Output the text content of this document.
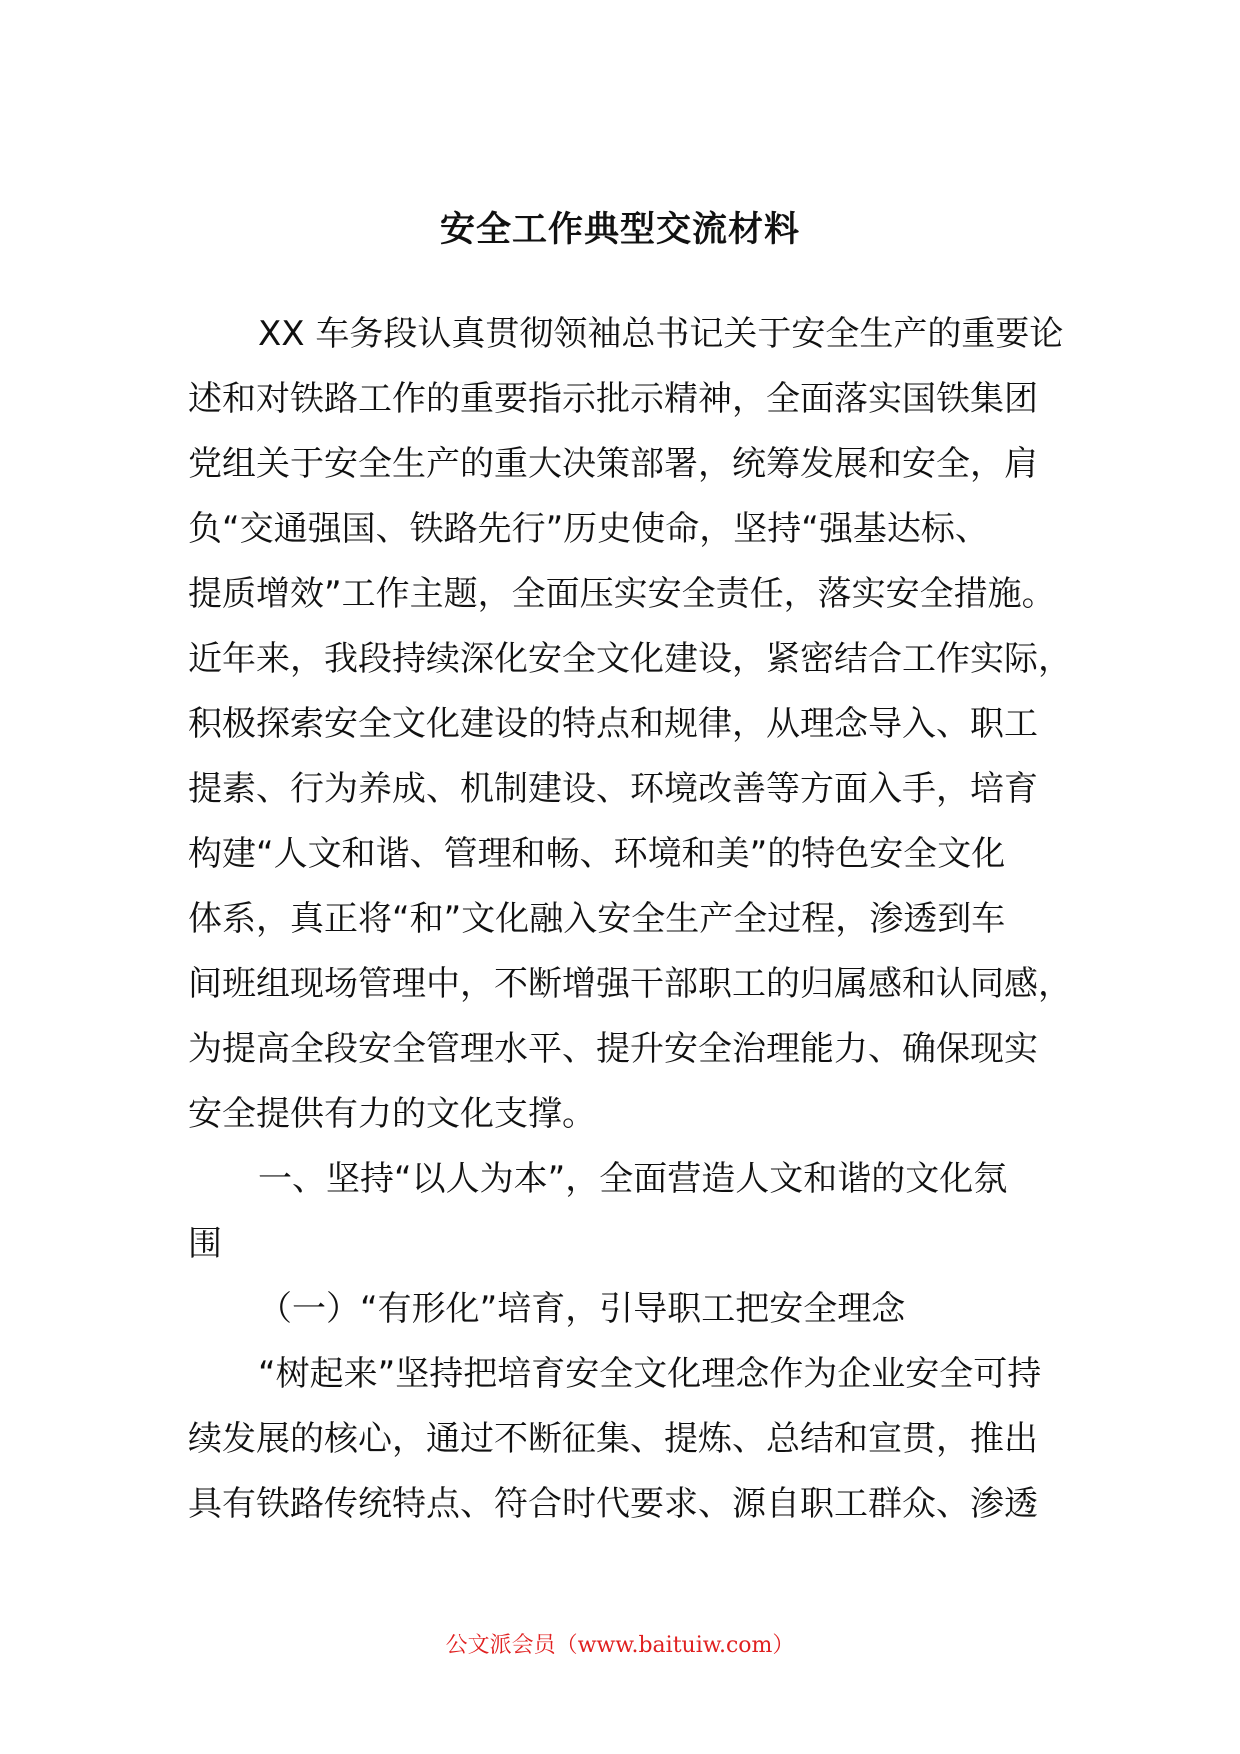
安全工作典型交流材料
XX 车务段认真贯彻领袖总书记关于安全生产的重要论
述和对铁路工作的重要指示批示精神，全面落实国铁集团
党组关于安全生产的重大决策部署，统筹发展和安全，肩
负“交通强国、铁路先行”历史使命，坚持“强基达标、
提质增效”工作主题，全面压实安全责任，落实安全措施。
近年来，我段持续深化安全文化建设，紧密结合工作实际，
积极探索安全文化建设的特点和规律，从理念导入、职工
提素、行为养成、机制建设、环境改善等方面入手，培育
构建“人文和谐、管理和畅、环境和美”的特色安全文化
体系，真正将“和”文化融入安全生产全过程，渗透到车
间班组现场管理中，不断增强干部职工的归属感和认同感，
为提高全段安全管理水平、提升安全治理能力、确保现实
安全提供有力的文化支撑。
一、坚持“以人为本”，全面营造人文和谐的文化氛
围
（一）“有形化”培育，引导职工把安全理念
“树起来”坚持把培育安全文化理念作为企业安全可持
续发展的核心，通过不断征集、提炼、总结和宣贯，推出
具有铁路传统特点、符合时代要求、源自职工群众、渗透
公文派会员（www.baituiw.com）
